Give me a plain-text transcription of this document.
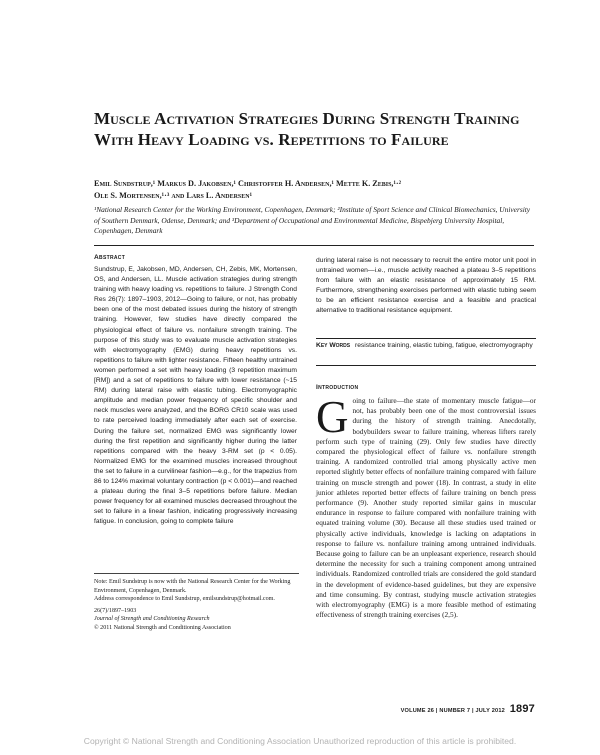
Muscle Activation Strategies During Strength Training With Heavy Loading vs. Repetitions to Failure
Emil Sundstrup,¹ Markus D. Jakobsen,¹ Christoffer H. Andersen,¹ Mette K. Zebis,¹·²
Ole S. Mortensen,¹·³ and Lars L. Andersen¹

¹National Research Center for the Working Environment, Copenhagen, Denmark; ²Institute of Sport Science and Clinical Biomechanics, University of Southern Denmark, Odense, Denmark; and ³Department of Occupational and Environmental Medicine, Bispebjerg University Hospital, Copenhagen, Denmark

Abstract

Sundstrup, E, Jakobsen, MD, Andersen, CH, Zebis, MK, Mortensen, OS, and Andersen, LL. Muscle activation strategies during strength training with heavy loading vs. repetitions to failure. J Strength Cond Res 26(7): 1897–1903, 2012—Going to failure, or not, has probably been one of the most debated issues during the history of strength training. However, few studies have directly compared the physiological effect of failure vs. nonfailure strength training. The purpose of this study was to evaluate muscle activation strategies with electromyography (EMG) during heavy repetitions vs. repetitions to failure with lighter resistance. Fifteen healthy untrained women performed a set with heavy loading (3 repetition maximum [RM]) and a set of repetitions to failure with lower resistance (~15 RM) during lateral raise with elastic tubing. Electromyographic amplitude and median power frequency of specific shoulder and neck muscles were analyzed, and the BORG CR10 scale was used to rate perceived loading immediately after each set of exercise. During the failure set, normalized EMG was significantly lower during the first repetition and significantly higher during the latter repetitions compared with the heavy 3-RM set (p < 0.05). Normalized EMG for the examined muscles increased throughout the set to failure in a curvilinear fashion—e.g., for the trapezius from 86 to 124% maximal voluntary contraction (p < 0.001)—and reached a plateau during the final 3–5 repetitions before failure. Median power frequency for all examined muscles decreased throughout the set to failure in a linear fashion, indicating progressively increasing fatigue. In conclusion, going to complete failure

during lateral raise is not necessary to recruit the entire motor unit pool in untrained women—i.e., muscle activity reached a plateau 3–5 repetitions from failure with an elastic resistance of approximately 15 RM. Furthermore, strengthening exercises performed with elastic tubing seem to be an efficient resistance exercise and a feasible and practical alternative to traditional resistance equipment.

Key Words resistance training, elastic tubing, fatigue, electromyography

Introduction

G oing to failure—the state of momentary muscle fatigue—or not, has probably been one of the most controversial issues during the history of strength training. Anecdotally, bodybuilders swear to failure training, whereas lifters rarely perform such type of training (29). Only few studies have directly compared the physiological effect of failure vs. nonfailure strength training. A randomized controlled trial among physically active men reported slightly better effects of nonfailure training compared with failure training on muscle strength and power (18). In contrast, a study in elite junior athletes reported better effects of failure training on bench press performance (9). Another study reported similar gains in muscular endurance in response to failure compared with nonfailure training with equated training volume (30). Because all these studies used trained or physically active individuals, knowledge is lacking on adaptations in response to failure vs. nonfailure training among untrained individuals. Because going to failure can be an unpleasant experience, research should determine the necessity for such a training component among untrained individuals. Randomized controlled trials are considered the gold standard in the development of evidence-based guidelines, but they are expensive and time consuming. By contrast, studying muscle activation strategies with electromyography (EMG) is a more feasible method of estimating effectiveness of strength training exercises (2,5).

Note: Emil Sundstrup is now with the National Research Center for the Working Environment, Copenhagen, Denmark.

Address correspondence to Emil Sundstrup, emilsundstrup@hotmail.com.

26(7)/1897–1903

Journal of Strength and Conditioning Research

© 2011 National Strength and Conditioning Association

VOLUME 26 | NUMBER 7 | JULY 2012 1897
Copyright © National Strength and Conditioning Association Unauthorized reproduction of this article is prohibited.
